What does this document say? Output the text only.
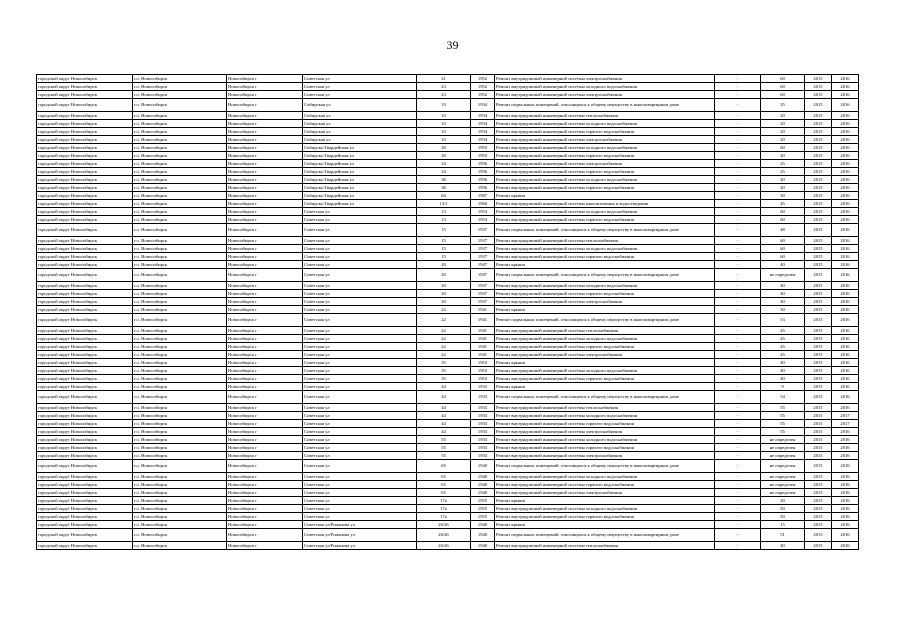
39
городской округ Новосибирск	г.о. Новосибирск	Новосибирск г	Советская ул	21	1952	Ремонт внутридомовой инженерной системы электроснабжения	-	60	2015	2016
городской округ Новосибирск	г.о. Новосибирск	Новосибирск г	Советская ул	23	1952	Ремонт внутридомовой инженерной системы холодного водоснабжения	-	60	2015	2016
городской округ Новосибирск	г.о. Новосибирск	Новосибирск г	Советская ул	23	1952	Ремонт внутридомовой инженерной системы электроснабжения	-	60	2015	2016
городской округ Новосибирск	г.о. Новосибирск	Новосибирск г	Сибирская ул	33	1934	Ремонт подвальных помещений, относящихся к общему имуществу в многоквартирном доме	-	35	2015	2016
городской округ Новосибирск	г.о. Новосибирск	Новосибирск г	Сибирская ул	33	1934	Ремонт внутридомовой инженерной системы теплоснабжения	-	20	2015	2016
городской округ Новосибирск	г.о. Новосибирск	Новосибирск г	Сибирская ул	33	1934	Ремонт внутридомовой инженерной системы холодного водоснабжения	-	20	2015	2016
городской округ Новосибирск	г.о. Новосибирск	Новосибирск г	Сибирская ул	33	1934	Ремонт внутридомовой инженерной системы горячего водоснабжения	-	20	2015	2016
городской округ Новосибирск	г.о. Новосибирск	Новосибирск г	Сибирская ул	33	1934	Ремонт внутридомовой инженерной системы электроснабжения	-	20	2015	2016
городской округ Новосибирск	г.о. Новосибирск	Новосибирск г	Сибирско-Гвардейская ул	30	1955	Ремонт внутридомовой инженерной системы холодного водоснабжения	-	60	2015	2016
городской округ Новосибирск	г.о. Новосибирск	Новосибирск г	Сибирско-Гвардейская ул	30	1955	Ремонт внутридомовой инженерной системы горячего водоснабжения	-	40	2015	2016
городской округ Новосибирск	г.о. Новосибирск	Новосибирск г	Сибирско-Гвардейская ул	34	1956	Ремонт внутридомовой инженерной системы электроснабжения	-	25	2015	2016
городской округ Новосибирск	г.о. Новосибирск	Новосибирск г	Сибирско-Гвардейская ул	34	1956	Ремонт внутридомовой инженерной системы горячего водоснабжения	-	25	2015	2016
городской округ Новосибирск	г.о. Новосибирск	Новосибирск г	Сибирско-Гвардейская ул	36	1956	Ремонт внутридомовой инженерной системы холодного водоснабжения	-	40	2015	2016
городской округ Новосибирск	г.о. Новосибирск	Новосибирск г	Сибирско-Гвардейская ул	36	1956	Ремонт внутридомовой инженерной системы горячего водоснабжения	-	40	2015	2016
городской округ Новосибирск	г.о. Новосибирск	Новосибирск г	Сибирско-Гвардейская ул	64	1987	Ремонт крыши	-	30	2015	2016
городской округ Новосибирск	г.о. Новосибирск	Новосибирск г	Сибирско-Гвардейская ул	13/1	1966	Ремонт внутридомовой инженерной системы канализования и водоотведения	-	45	2015	2016
городской округ Новосибирск	г.о. Новосибирск	Новосибирск г	Советская ул	13	1954	Ремонт внутридомовой инженерной системы холодного водоснабжения	-	60	2015	2016
городской округ Новосибирск	г.о. Новосибирск	Новосибирск г	Советская ул	13	1954	Ремонт внутридомовой инженерной системы горячего водоснабжения	-	60	2015	2016
городской округ Новосибирск	г.о. Новосибирск	Новосибирск г	Советская ул	15	1937	Ремонт подвальных помещений, относящихся к общему имуществу в многоквартирном доме	-	48	2015	2016
городской округ Новосибирск	г.о. Новосибирск	Новосибирск г	Советская ул	15	1937	Ремонт внутридомовой инженерной системы теплоснабжения	-	60	2015	2016
городской округ Новосибирск	г.о. Новосибирск	Новосибирск г	Советская ул	15	1937	Ремонт внутридомовой инженерной системы холодного водоснабжения	-	60	2015	2016
городской округ Новосибирск	г.о. Новосибирск	Новосибирск г	Советская ул	15	1937	Ремонт внутридомовой инженерной системы горячего водоснабжения	-	60	2015	2016
городской округ Новосибирск	г.о. Новосибирск	Новосибирск г	Советская ул	20	1947	Ремонт крыши	-	40	2015	2016
городской округ Новосибирск	г.о. Новосибирск	Новосибирск г	Советская ул	20	1947	Ремонт подвальных помещений, относящихся к общему имуществу в многоквартирном доме	-	не определен	2015	2016
городской округ Новосибирск	г.о. Новосибирск	Новосибирск г	Советская ул	20	1947	Ремонт внутридомовой инженерной системы холодного водоснабжения	-	40	2015	2016
городской округ Новосибирск	г.о. Новосибирск	Новосибирск г	Советская ул	20	1947	Ремонт внутридомовой инженерной системы горячего водоснабжения	-	40	2015	2016
городской округ Новосибирск	г.о. Новосибирск	Новосибирск г	Советская ул	20	1947	Ремонт внутридомовой инженерной системы электроснабжения	-	40	2015	2016
городской округ Новосибирск	г.о. Новосибирск	Новосибирск г	Советская ул	22	1941	Ремонт крыши	-	30	2015	2016
городской округ Новосибирск	г.о. Новосибирск	Новосибирск г	Советская ул	22	1941	Ремонт подвальных помещений, относящихся к общему имуществу в многоквартирном доме	-	53	2015	2016
городской округ Новосибирск	г.о. Новосибирск	Новосибирск г	Советская ул	22	1941	Ремонт внутридомовой инженерной системы теплоснабжения	-	45	2015	2016
городской округ Новосибирск	г.о. Новосибирск	Новосибирск г	Советская ул	22	1941	Ремонт внутридомовой инженерной системы холодного водоснабжения	-	45	2015	2016
городской округ Новосибирск	г.о. Новосибирск	Новосибирск г	Советская ул	22	1941	Ремонт внутридомовой инженерной системы горячего водоснабжения	-	45	2015	2016
городской округ Новосибирск	г.о. Новосибирск	Новосибирск г	Советская ул	22	1941	Ремонт внутридомовой инженерной системы электроснабжения	-	45	2015	2016
городской округ Новосибирск	г.о. Новосибирск	Новосибирск г	Советская ул	35	1953	Ремонт крыши	-	40	2015	2016
городской округ Новосибирск	г.о. Новосибирск	Новосибирск г	Советская ул	35	1953	Ремонт внутридомовой инженерной системы холодного водоснабжения	-	40	2015	2016
городской округ Новосибирск	г.о. Новосибирск	Новосибирск г	Советская ул	35	1953	Ремонт внутридомовой инженерной системы горячего водоснабжения	-	40	2015	2016
городской округ Новосибирск	г.о. Новосибирск	Новосибирск г	Советская ул	44	1933	Ремонт крыши	-	9	2015	2016
городской округ Новосибирск	г.о. Новосибирск	Новосибирск г	Советская ул	44	1933	Ремонт подвальных помещений, относящихся к общему имуществу в многоквартирном доме	-	54	2015	2016
городской округ Новосибирск	г.о. Новосибирск	Новосибирск г	Советская ул	44	1933	Ремонт внутридомовой инженерной системы теплоснабжения	-	55	2015	2016
городской округ Новосибирск	г.о. Новосибирск	Новосибирск г	Советская ул	44	1933	Ремонт внутридомовой инженерной системы холодного водоснабжения	-	55	2015	2017
городской округ Новосибирск	г.о. Новосибирск	Новосибирск г	Советская ул	44	1933	Ремонт внутридомовой инженерной системы горячего водоснабжения	-	55	2015	2017
городской округ Новосибирск	г.о. Новосибирск	Новосибирск г	Советская ул	44	1933	Ремонт внутридомовой инженерной системы электроснабжения	-	55	2015	2016
городской округ Новосибирск	г.о. Новосибирск	Новосибирск г	Советская ул	55	1933	Ремонт внутридомовой инженерной системы холодного водоснабжения	-	не определен	2015	2016
городской округ Новосибирск	г.о. Новосибирск	Новосибирск г	Советская ул	55	1933	Ремонт внутридомовой инженерной системы горячего водоснабжения	-	не определен	2015	2016
городской округ Новосибирск	г.о. Новосибирск	Новосибирск г	Советская ул	55	1933	Ремонт внутридомовой инженерной системы электроснабжения	-	не определен	2015	2016
городской округ Новосибирск	г.о. Новосибирск	Новосибирск г	Советская ул	65	1940	Ремонт подвальных помещений, относящихся к общему имуществу в многоквартирном доме	-	не определен	2015	2016
городской округ Новосибирск	г.о. Новосибирск	Новосибирск г	Советская ул	65	1940	Ремонт внутридомовой инженерной системы холодного водоснабжения	-	не определен	2015	2016
городской округ Новосибирск	г.о. Новосибирск	Новосибирск г	Советская ул	65	1940	Ремонт внутридомовой инженерной системы горячего водоснабжения	-	не определен	2015	2016
городской округ Новосибирск	г.о. Новосибирск	Новосибирск г	Советская ул	65	1940	Ремонт внутридомовой инженерной системы электроснабжения	-	не определен	2015	2016
городской округ Новосибирск	г.о. Новосибирск	Новосибирск г	Советская ул	17а	1955	Ремонт крыши	-	20	2015	2016
городской округ Новосибирск	г.о. Новосибирск	Новосибирск г	Советская ул	17а	1955	Ремонт внутридомовой инженерной системы холодного водоснабжения	-	50	2015	2016
городской округ Новосибирск	г.о. Новосибирск	Новосибирск г	Советская ул	17а	1955	Ремонт внутридомовой инженерной системы горячего водоснабжения	-	50	2015	2016
городской округ Новосибирск	г.о. Новосибирск	Новосибирск г	Советская ул/Романова ул	26/26	1940	Ремонт крыши	-	15	2015	2016
городской округ Новосибирск	г.о. Новосибирск	Новосибирск г	Советская ул/Романова ул	26/26	1940	Ремонт подвальных помещений, относящихся к общему имуществу в многоквартирном доме	-	51	2015	2016
городской округ Новосибирск	г.о. Новосибирск	Новосибирск г	Советская ул/Романова ул	26/26	1940	Ремонт внутридомовой инженерной системы теплоснабжения	-	40	2015	2016
